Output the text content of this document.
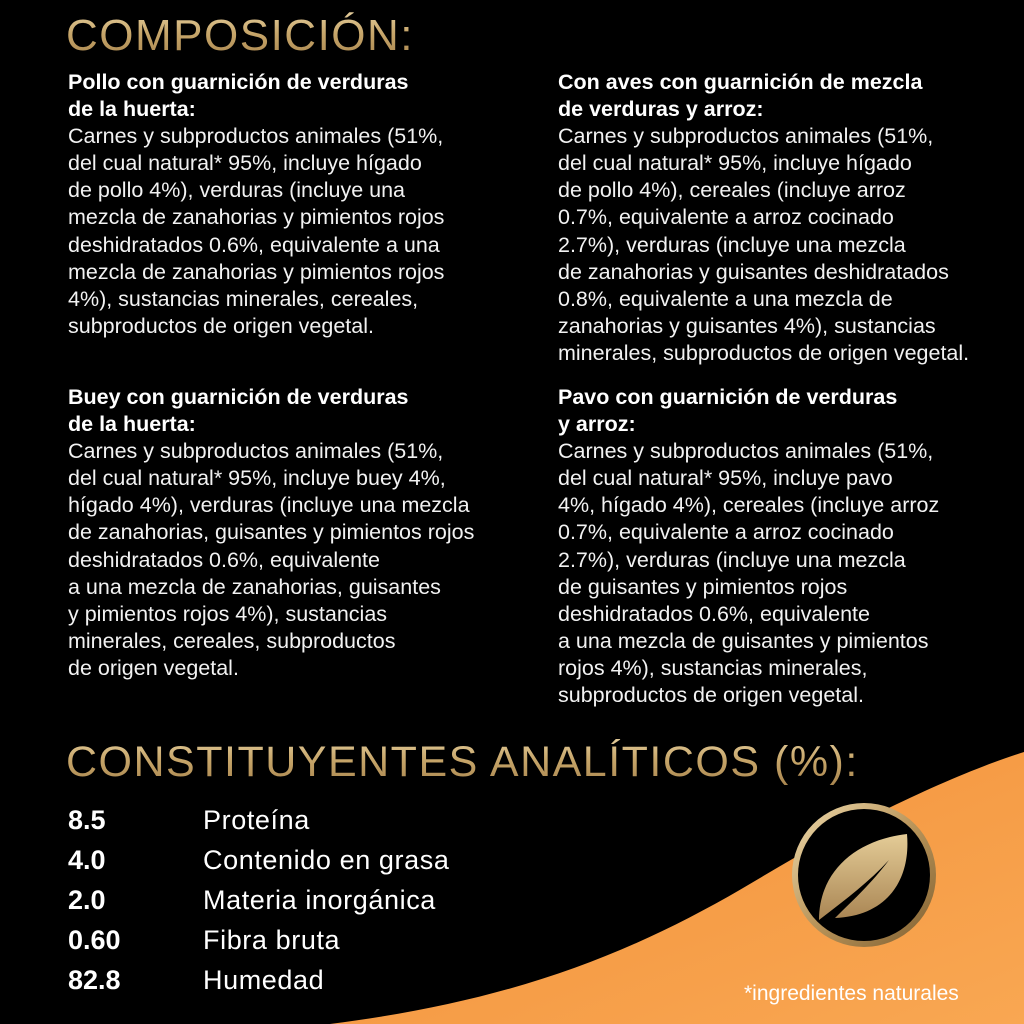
COMPOSICIÓN:
Pollo con guarnición de verduras
de la huerta:
Carnes y subproductos animales (51%,
del cual natural* 95%, incluye hígado
de pollo 4%), verduras (incluye una
mezcla de zanahorias y pimientos rojos
deshidratados 0.6%, equivalente a una
mezcla de zanahorias y pimientos rojos
4%), sustancias minerales, cereales,
subproductos de origen vegetal.
Con aves con guarnición de mezcla
de verduras y arroz:
Carnes y subproductos animales (51%,
del cual natural* 95%, incluye hígado
de pollo 4%), cereales (incluye arroz
0.7%, equivalente a arroz cocinado
2.7%), verduras (incluye una mezcla
de zanahorias y guisantes deshidratados
0.8%, equivalente a una mezcla de
zanahorias y guisantes 4%), sustancias
minerales, subproductos de origen vegetal.
Buey con guarnición de verduras
de la huerta:
Carnes y subproductos animales (51%,
del cual natural* 95%, incluye buey 4%,
hígado 4%), verduras (incluye una mezcla
de zanahorias, guisantes y pimientos rojos
deshidratados 0.6%, equivalente
a una mezcla de zanahorias, guisantes
y pimientos rojos 4%), sustancias
minerales, cereales, subproductos
de origen vegetal.
Pavo con guarnición de verduras
y arroz:
Carnes y subproductos animales (51%,
del cual natural* 95%, incluye pavo
4%, hígado 4%), cereales (incluye arroz
0.7%, equivalente a arroz cocinado
2.7%), verduras (incluye una mezcla
de guisantes y pimientos rojos
deshidratados 0.6%, equivalente
a una mezcla de guisantes y pimientos
rojos 4%), sustancias minerales,
subproductos de origen vegetal.
CONSTITUYENTES ANALÍTICOS (%):
8.5	Proteína
4.0	Contenido en grasa
2.0	Materia inorgánica
0.60	Fibra bruta
82.8	Humedad	*ingredientes naturales
